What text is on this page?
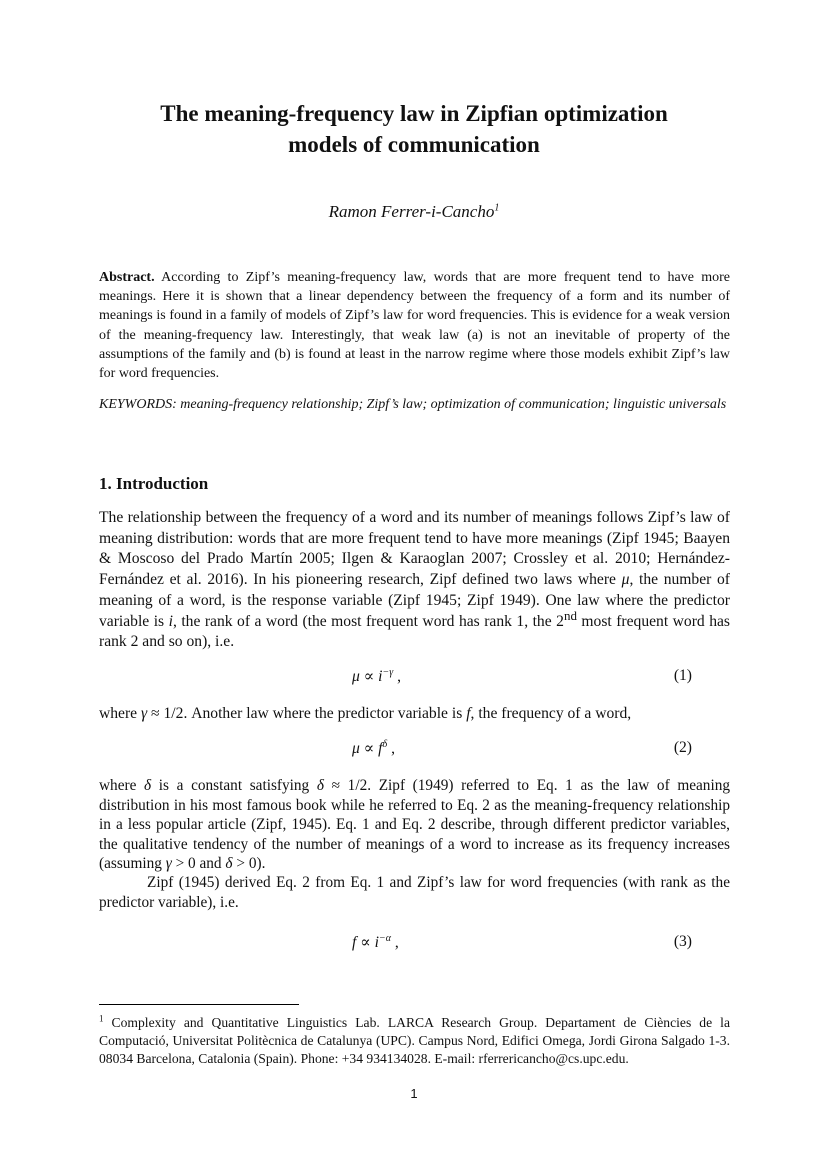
The meaning-frequency law in Zipfian optimization
models of communication
Ramon Ferrer-i-Cancho$^1$
Abstract. According to Zipf’s meaning-frequency law, words that are more frequent tend to have more meanings. Here it is shown that a linear dependency between the frequency of a form and its number of meanings is found in a family of models of Zipf’s law for word frequencies. This is evidence for a weak version of the meaning-frequency law. Interestingly, that weak law (a) is not an inevitable of property of the assumptions of the family and (b) is found at least in the narrow regime where those models exhibit Zipf’s law for word frequencies.
KEYWORDS: meaning-frequency relationship; Zipf’s law; optimization of communication; linguistic universals
1. Introduction
The relationship between the frequency of a word and its number of meanings follows Zipf’s law of meaning distribution: words that are more frequent tend to have more meanings (Zipf 1945; Baayen & Moscoso del Prado Martín 2005; Ilgen & Karaoglan 2007; Crossley et al. 2010; Hernández-Fernández et al. 2016). In his pioneering research, Zipf defined two laws where μ, the number of meaning of a word, is the response variable (Zipf 1945; Zipf 1949). One law where the predictor variable is i, the rank of a word (the most frequent word has rank 1, the 2nd most frequent word has rank 2 and so on), i.e.
$\mu \propto i^{-\gamma}$ ,	(1)
where γ ≈ 1/2. Another law where the predictor variable is f, the frequency of a word,
$\mu \propto f^\delta$ ,	(2)
where δ is a constant satisfying δ ≈ 1/2. Zipf (1949) referred to Eq. 1 as the law of meaning distribution in his most famous book while he referred to Eq. 2 as the meaning-frequency relationship in a less popular article (Zipf, 1945). Eq. 1 and Eq. 2 describe, through different predictor variables, the qualitative tendency of the number of meanings of a word to increase as its frequency increases (assuming γ > 0 and δ > 0).
Zipf (1945) derived Eq. 2 from Eq. 1 and Zipf’s law for word frequencies (with rank as the predictor variable), i.e.
$f \propto i^{-\alpha}$ ,	(3)
$^1$ Complexity and Quantitative Linguistics Lab. LARCA Research Group. Departament de Ciències de la Computació, Universitat Politècnica de Catalunya (UPC). Campus Nord, Edifici Omega, Jordi Girona Salgado 1-3. 08034 Barcelona, Catalonia (Spain). Phone: +34 934134028. E-mail: rferrericancho@cs.upc.edu.
1
